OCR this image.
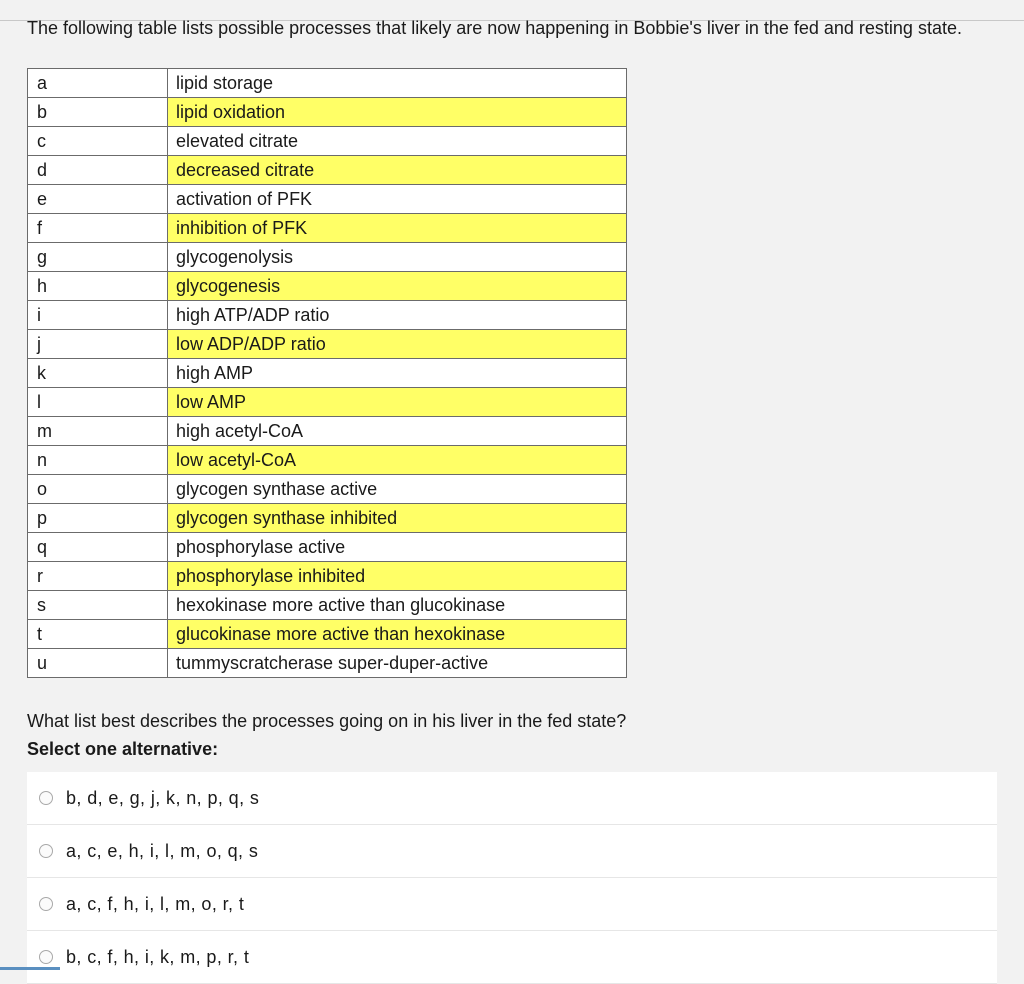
The following table lists possible processes that likely are now happening in Bobbie's liver in the fed and resting state.

a	lipid storage
b	lipid oxidation
c	elevated citrate
d	decreased citrate
e	activation of PFK
f	inhibition of PFK
g	glycogenolysis
h	glycogenesis
i	high ATP/ADP ratio
j	low ADP/ADP ratio
k	high AMP
l	low AMP
m	high acetyl-CoA
n	low acetyl-CoA
o	glycogen synthase active
p	glycogen synthase inhibited
q	phosphorylase active
r	phosphorylase inhibited
s	hexokinase more active than glucokinase
t	glucokinase more active than hexokinase
u	tummyscratcherase super-duper-active

What list best describes the processes going on in his liver in the fed state?

Select one alternative:

b, d, e, g, j, k, n, p, q, s
a, c, e, h, i, l, m, o, q, s
a, c, f, h, i, l, m, o, r, t
b, c, f, h, i, k, m, p, r, t
